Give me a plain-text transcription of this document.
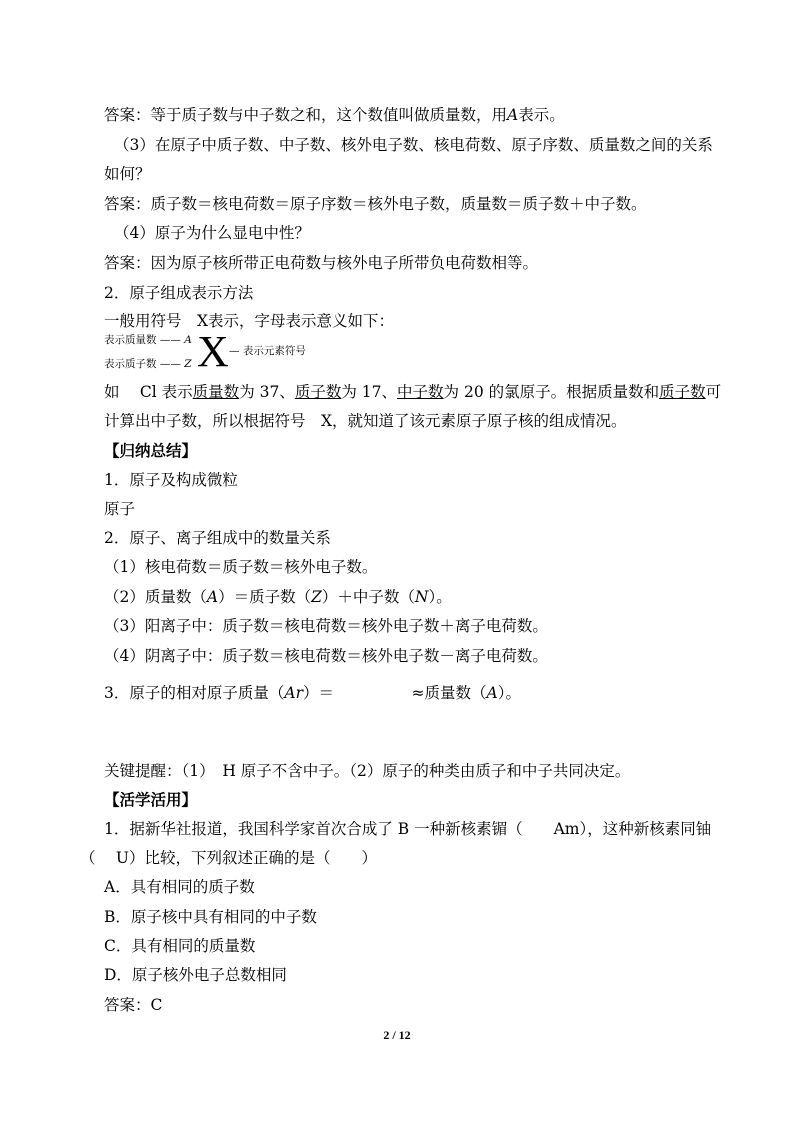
答案：等于质子数与中子数之和，这个数值叫做质量数，用A表示。
（3）在原子中质子数、中子数、核外电子数、核电荷数、原子序数、质量数之间的关系
如何？
答案：质子数＝核电荷数＝原子序数＝核外电子数，质量数＝质子数＋中子数。
（4）原子为什么显电中性？
答案：因为原子核所带正电荷数与核外电子所带负电荷数相等。
2．原子组成表示方法
一般用符号　X表示，字母表示意义如下：
表示质量数 —— A
表示质子数 —— Z X — 表示元素符号
如　 Cl 表示质量数为 37、质子数为 17、中子数为 20 的氯原子。根据质量数和质子数可
计算出中子数，所以根据符号　X，就知道了该元素原子原子核的组成情况。
【归纳总结】
1．原子及构成微粒
原子
2．原子、离子组成中的数量关系
（1）核电荷数＝质子数＝核外电子数。
（2）质量数（A）＝质子数（Z）＋中子数（N）。
（3）阳离子中：质子数＝核电荷数＝核外电子数＋离子电荷数。
（4）阴离子中：质子数＝核电荷数＝核外电子数－离子电荷数。
3．原子的相对原子质量（Ar）＝　　　　　≈质量数（A）。
关键提醒：（1）　H 原子不含中子。（2）原子的种类由质子和中子共同决定。
【活学活用】
1．据新华社报道，我国科学家首次合成了 B 一种新核素镅（　　Am），这种新核素同铀
（　 U）比较，下列叙述正确的是（　　）
A．具有相同的质子数
B．原子核中具有相同的中子数
C．具有相同的质量数
D．原子核外电子总数相同
答案：C
2 / 12
